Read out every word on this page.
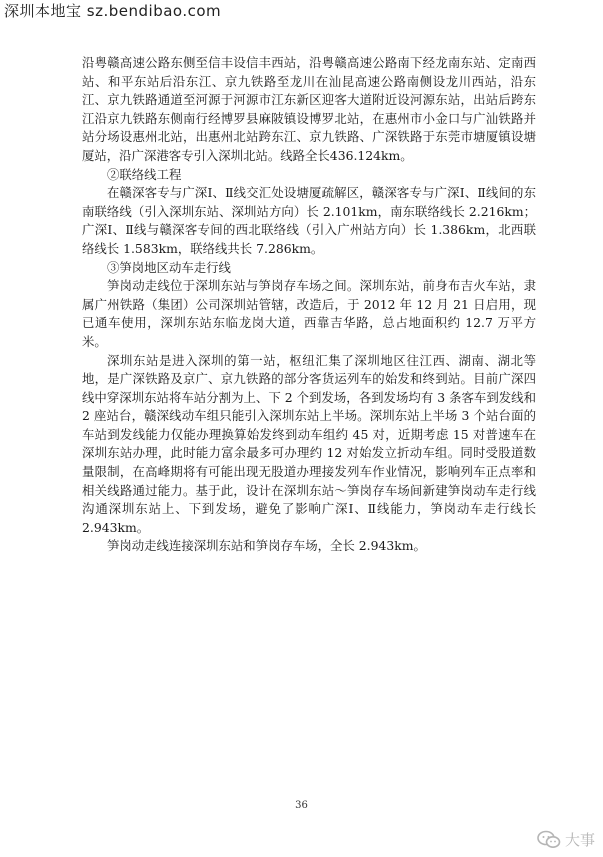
深圳本地宝 sz.bendibao.com

沿粤赣高速公路东侧至信丰设信丰西站，沿粤赣高速公路南下经龙南东站、定南西站、和平东站后沿东江、京九铁路至龙川在汕昆高速公路南侧设龙川西站，沿东江、京九铁路通道至河源于河源市江东新区迎客大道附近设河源东站，出站后跨东江沿京九铁路东侧南行经博罗县麻陂镇设博罗北站，在惠州市小金口与广汕铁路并站分场设惠州北站，出惠州北站跨东江、京九铁路、广深铁路于东莞市塘厦镇设塘厦站，沿广深港客专引入深圳北站。线路全长436.124km。

②联络线工程

在赣深客专与广深Ⅰ、Ⅱ线交汇处设塘厦疏解区，赣深客专与广深Ⅰ、Ⅱ线间的东南联络线（引入深圳东站、深圳站方向）长 2.101km，南东联络线长 2.216km；广深Ⅰ、Ⅱ线与赣深客专间的西北联络线（引入广州站方向）长 1.386km，北西联络线长 1.583km，联络线共长 7.286km。

③笋岗地区动车走行线

笋岗动走线位于深圳东站与笋岗存车场之间。深圳东站，前身布吉火车站，隶属广州铁路（集团）公司深圳站管辖，改造后，于 2012 年 12 月 21 日启用，现已通车使用，深圳东站东临龙岗大道，西靠吉华路，总占地面积约 12.7 万平方米。

深圳东站是进入深圳的第一站，枢纽汇集了深圳地区往江西、湖南、湖北等地，是广深铁路及京广、京九铁路的部分客货运列车的始发和终到站。目前广深四线中穿深圳东站将车站分割为上、下 2 个到发场，各到发场均有 3 条客车到发线和 2 座站台，赣深线动车组只能引入深圳东站上半场。深圳东站上半场 3 个站台面的车站到发线能力仅能办理换算始发终到动车组约 45 对，近期考虑 15 对普速车在深圳东站办理，此时能力富余最多可办理约 12 对始发立折动车组。同时受股道数量限制，在高峰期将有可能出现无股道办理接发列车作业情况，影响列车正点率和相关线路通过能力。基于此，设计在深圳东站～笋岗存车场间新建笋岗动车走行线沟通深圳东站上、下到发场，避免了影响广深Ⅰ、Ⅱ线能力，笋岗动车走行线长 2.943km。

笋岗动走线连接深圳东站和笋岗存车场，全长 2.943km。

36
大事
